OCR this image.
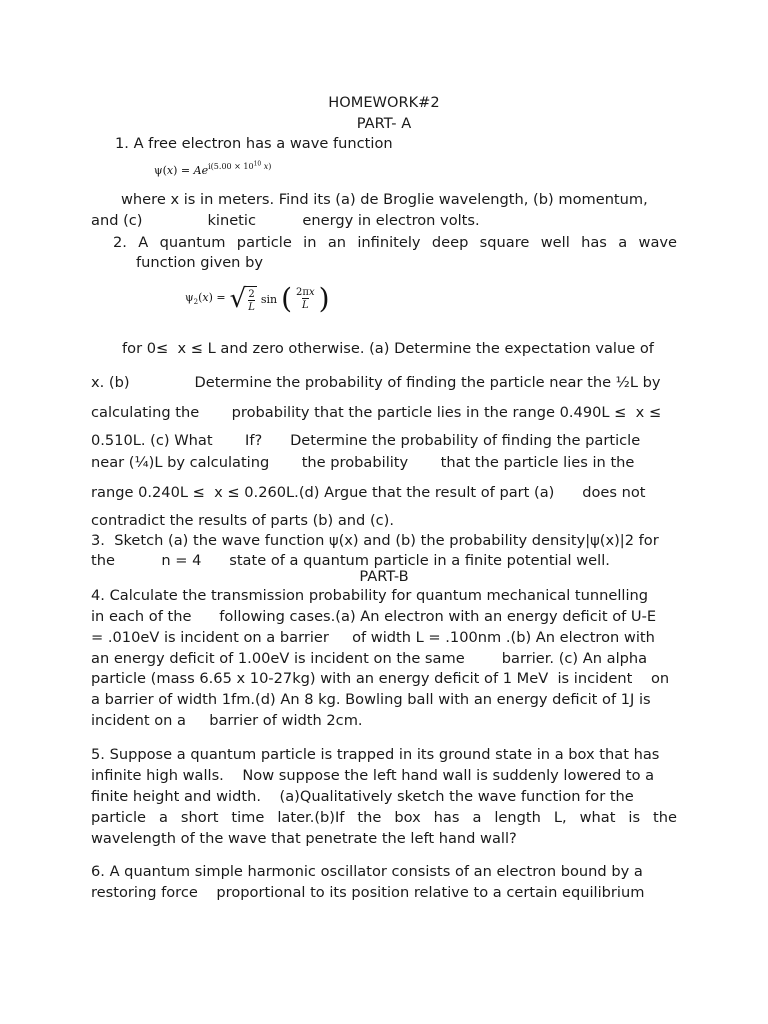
HOMEWORK#2
PART- A
1. A free electron has a wave function
$\psi(x) = Ae^{i(5.00 \times 10^{10} x)}$
where x is in meters. Find its (a) de Broglie wavelength, (b) momentum,
and (c)              kinetic          energy in electron volts.
2. A quantum particle in an infinitely deep square well has a wave
function given by
$\psi_2(x)$ = √ $\frac{2}{L}$ sin ( $\frac{2\pi x}{L}$ )
for 0≤  x ≤ L and zero otherwise. (a) Determine the expectation value of
x. (b)              Determine the probability of finding the particle near the ½L by
calculating the       probability that the particle lies in the range 0.490L ≤  x ≤
0.510L. (c) What       If?      Determine the probability of finding the particle
near (¼)L by calculating       the probability       that the particle lies in the
range 0.240L ≤  x ≤ 0.260L.(d) Argue that the result of part (a)      does not
contradict the results of parts (b) and (c).
3.  Sketch (a) the wave function ψ(x) and (b) the probability density|ψ(x)|2 for
the          n = 4      state of a quantum particle in a finite potential well.
PART-B
4. Calculate the transmission probability for quantum mechanical tunnelling
in each of the      following cases.(a) An electron with an energy deficit of U-E
= .010eV is incident on a barrier     of width L = .100nm .(b) An electron with
an energy deficit of 1.00eV is incident on the same        barrier. (c) An alpha
particle (mass 6.65 x 10-27kg) with an energy deficit of 1 MeV  is incident    on
a barrier of width 1fm.(d) An 8 kg. Bowling ball with an energy deficit of 1J is
incident on a     barrier of width 2cm.
5. Suppose a quantum particle is trapped in its ground state in a box that has
infinite high walls.    Now suppose the left hand wall is suddenly lowered to a
finite height and width.    (a)Qualitatively sketch the wave function for the
particle a short time later.(b)If the box has a length L, what is the
wavelength of the wave that penetrate the left hand wall?
6. A quantum simple harmonic oscillator consists of an electron bound by a
restoring force    proportional to its position relative to a certain equilibrium
